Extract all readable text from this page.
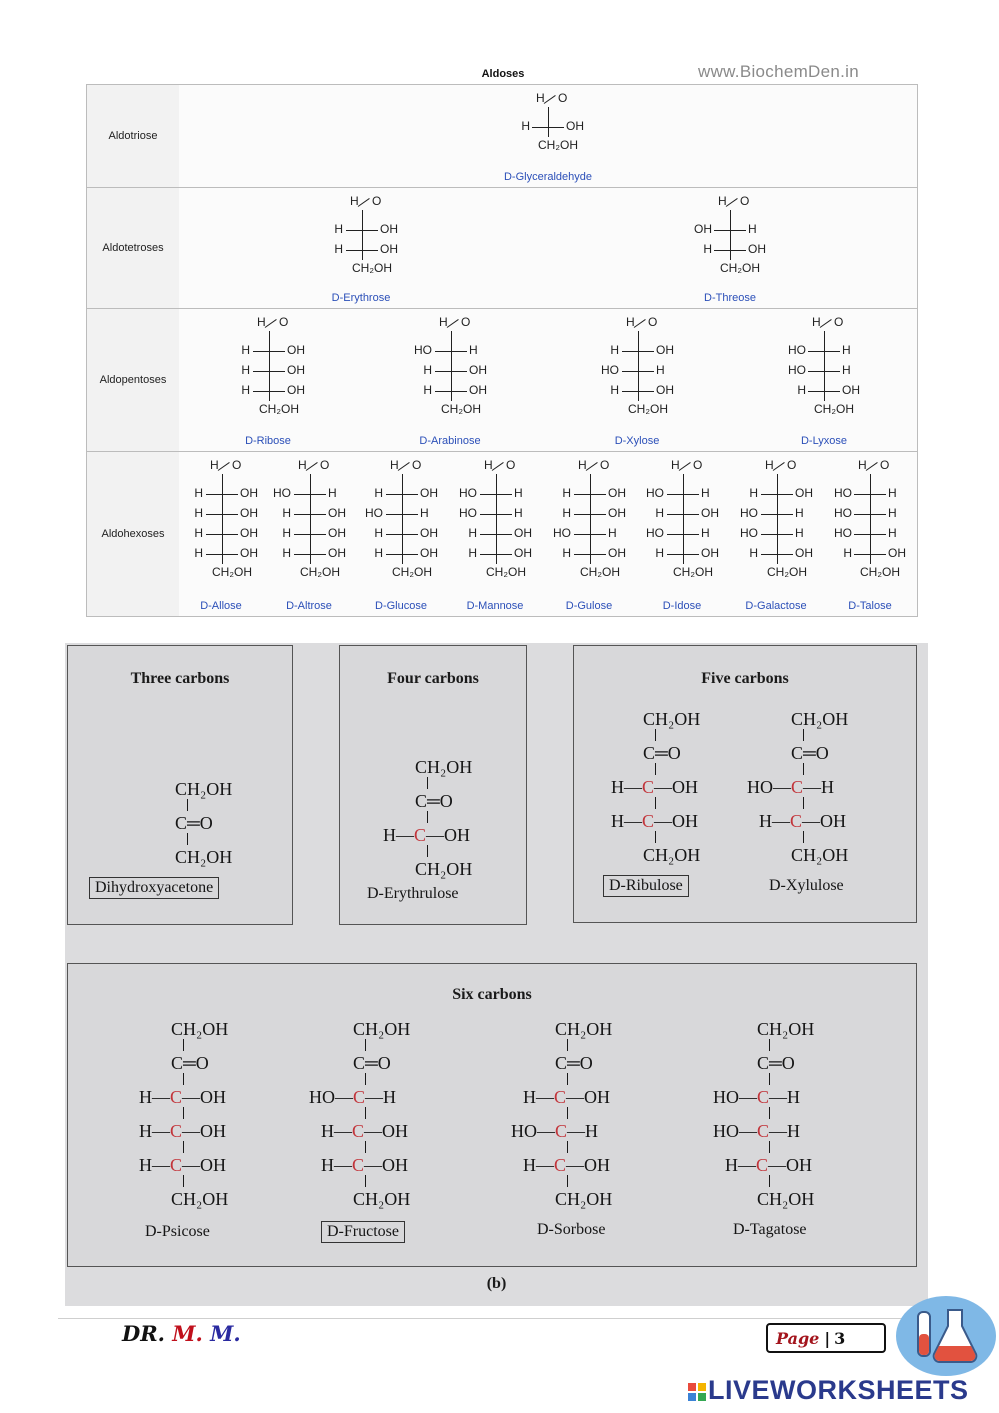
Aldoses	www.BiochemDen.in
Aldotriose
H O
H	OH
CH₂OH
D-Glyceraldehyde
Aldotetroses
H O
H	OH
H	OH
CH₂OH
D-Erythrose
H O
OH	H
H	OH
CH₂OH
D-Threose
Aldopentoses
H O
H	OH
H	OH
H	OH
CH₂OH
D-Ribose
H O
HO	H
H	OH
H	OH
CH₂OH
D-Arabinose
H O
H	OH
HO	H
H	OH
CH₂OH
D-Xylose
H O
HO	H
HO	H
H	OH
CH₂OH
D-Lyxose
Aldohexoses
H O
H	OH
H	OH
H	OH
H	OH
CH₂OH
D-Allose
H O
HO	H
H	OH
H	OH
H	OH
CH₂OH
D-Altrose
H O
H	OH
HO	H
H	OH
H	OH
CH₂OH
D-Glucose
H O
HO	H
HO	H
H	OH
H	OH
CH₂OH
D-Mannose
H O
H	OH
H	OH
HO	H
H	OH
CH₂OH
D-Gulose
H O
HO	H
H	OH
HO	H
H	OH
CH₂OH
D-Idose
H O
H	OH
HO	H
HO	H
H	OH
CH₂OH
D-Galactose
H O
HO	H
HO	H
HO	H
H	OH
CH₂OH
D-Talose
Three carbons	Four carbons	Five carbons
Six carbons
CH₂OH
C═O
CH₂OH
CH₂OH
C═O
H—C—OH
CH₂OH
CH₂OH
C═O
H—C—OH
H—C—OH
CH₂OH
CH₂OH
C═O
HO—C—H
H—C—OH
CH₂OH
CH₂OH
C═O
H—C—OH
H—C—OH
H—C—OH
CH₂OH
CH₂OH
C═O
HO—C—H
H—C—OH
H—C—OH
CH₂OH
CH₂OH
C═O
H—C—OH
HO—C—H
H—C—OH
CH₂OH
CH₂OH
C═O
HO—C—H
HO—C—H
H—C—OH
CH₂OH
Dihydroxyacetone	D-Erythrulose	D-Ribulose	D-Xylulose
D-Psicose	D-Fructose	D-Sorbose	D-Tagatose
(b)
DR. M. M.	Page | 3
LIVEWORKSHEETS
